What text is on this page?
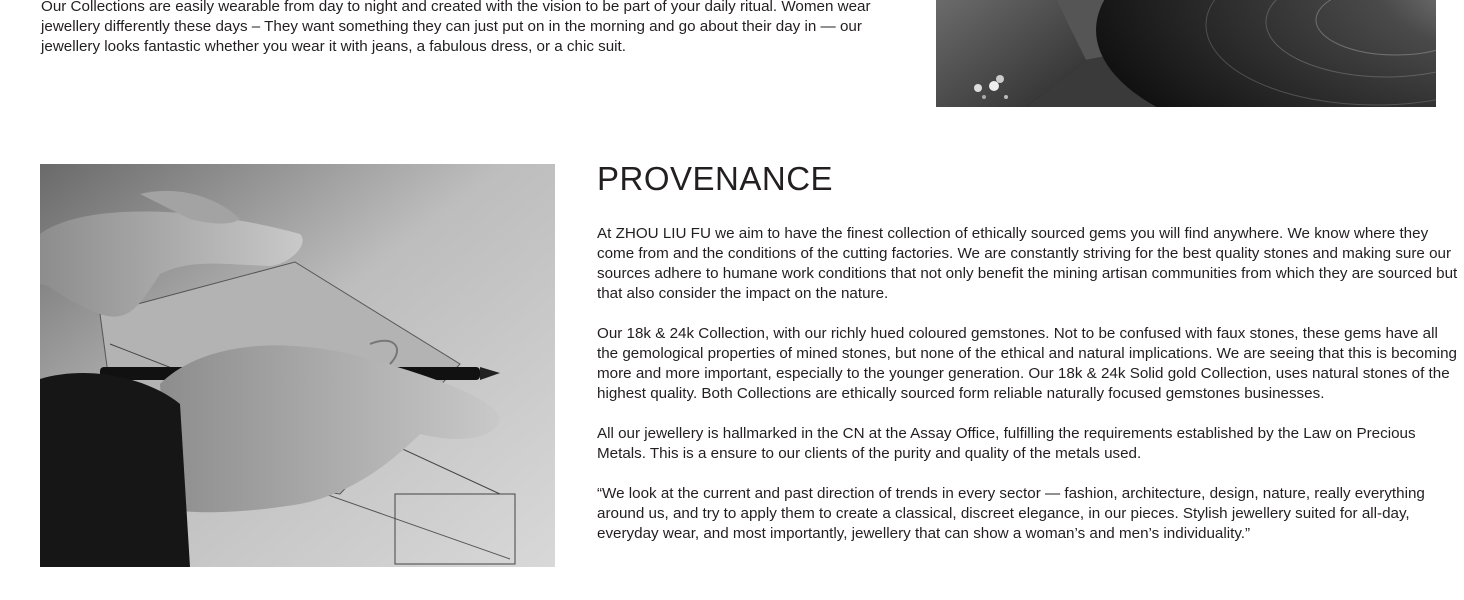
Our Collections are easily wearable from day to night and created with the vision to be part of your daily ritual. Women wear jewellery differently these days – They want something they can just put on in the morning and go about their day in — our jewellery looks fantastic whether you wear it with jeans, a fabulous dress, or a chic suit.

PROVENANCE

At ZHOU LIU FU we aim to have the finest collection of ethically sourced gems you will find anywhere. We know where they come from and the conditions of the cutting factories. We are constantly striving for the best quality stones and making sure our sources adhere to humane work conditions that not only benefit the mining artisan communities from which they are sourced but that also consider the impact on the nature.

Our 18k & 24k Collection, with our richly hued coloured gemstones. Not to be confused with faux stones, these gems have all the gemological properties of mined stones, but none of the ethical and natural implications. We are seeing that this is becoming more and more important, especially to the younger generation. Our 18k & 24k Solid gold Collection, uses natural stones of the highest quality. Both Collections are ethically sourced form reliable naturally focused gemstones businesses.

All our jewellery is hallmarked in the CN at the Assay Office, fulfilling the requirements established by the Law on Precious Metals. This is a ensure to our clients of the purity and quality of the metals used.

“We look at the current and past direction of trends in every sector — fashion, architecture, design, nature, really everything around us, and try to apply them to create a classical, discreet elegance, in our pieces. Stylish jewellery suited for all-day, everyday wear, and most importantly, jewellery that can show a woman’s and men’s individuality.”
